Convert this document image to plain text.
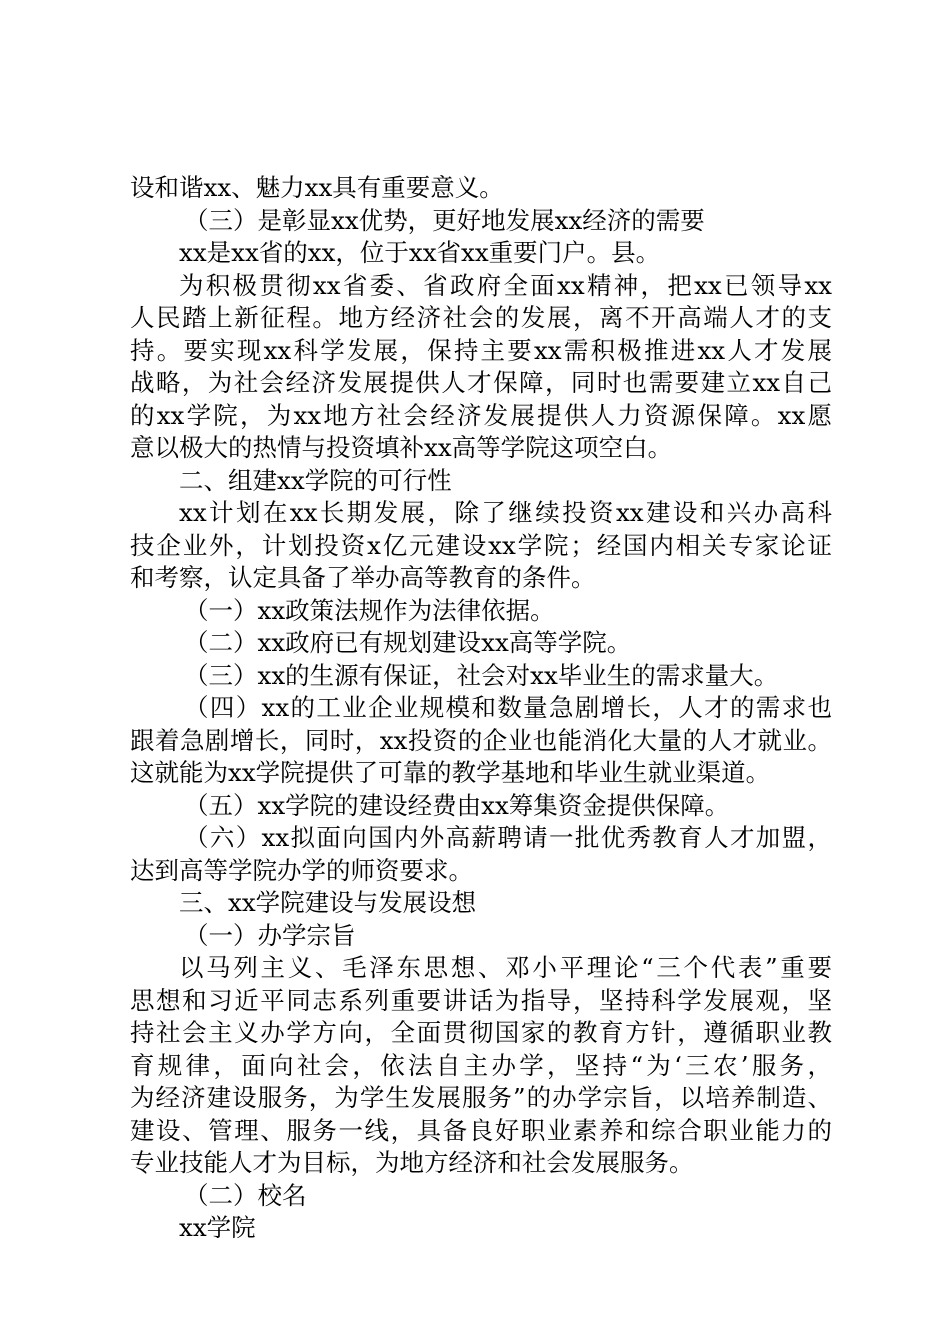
设和谐xx、魅力xx具有重要意义。
（三）是彰显xx优势，更好地发展xx经济的需要
xx是xx省的xx，位于xx省xx重要门户。县。
为积极贯彻xx省委、省政府全面xx精神，把xx已领导xx
人民踏上新征程。地方经济社会的发展，离不开高端人才的支
持。要实现xx科学发展，保持主要xx需积极推进xx人才发展
战略，为社会经济发展提供人才保障，同时也需要建立xx自己
的xx学院，为xx地方社会经济发展提供人力资源保障。xx愿
意以极大的热情与投资填补xx高等学院这项空白。
二、组建xx学院的可行性
xx计划在xx长期发展，除了继续投资xx建设和兴办高科
技企业外，计划投资x亿元建设xx学院；经国内相关专家论证
和考察，认定具备了举办高等教育的条件。
（一）xx政策法规作为法律依据。
（二）xx政府已有规划建设xx高等学院。
（三）xx的生源有保证，社会对xx毕业生的需求量大。
（四）xx的工业企业规模和数量急剧增长，人才的需求也
跟着急剧增长，同时，xx投资的企业也能消化大量的人才就业。
这就能为xx学院提供了可靠的教学基地和毕业生就业渠道。
（五）xx学院的建设经费由xx筹集资金提供保障。
（六）xx拟面向国内外高薪聘请一批优秀教育人才加盟，
达到高等学院办学的师资要求。
三、xx学院建设与发展设想
（一）办学宗旨
以马列主义、毛泽东思想、邓小平理论“三个代表”重要
思想和习近平同志系列重要讲话为指导，坚持科学发展观，坚
持社会主义办学方向，全面贯彻国家的教育方针，遵循职业教
育规律，面向社会，依法自主办学，坚持“为‘三农’服务，
为经济建设服务，为学生发展服务”的办学宗旨，以培养制造、
建设、管理、服务一线，具备良好职业素养和综合职业能力的
专业技能人才为目标，为地方经济和社会发展服务。
（二）校名
xx学院
